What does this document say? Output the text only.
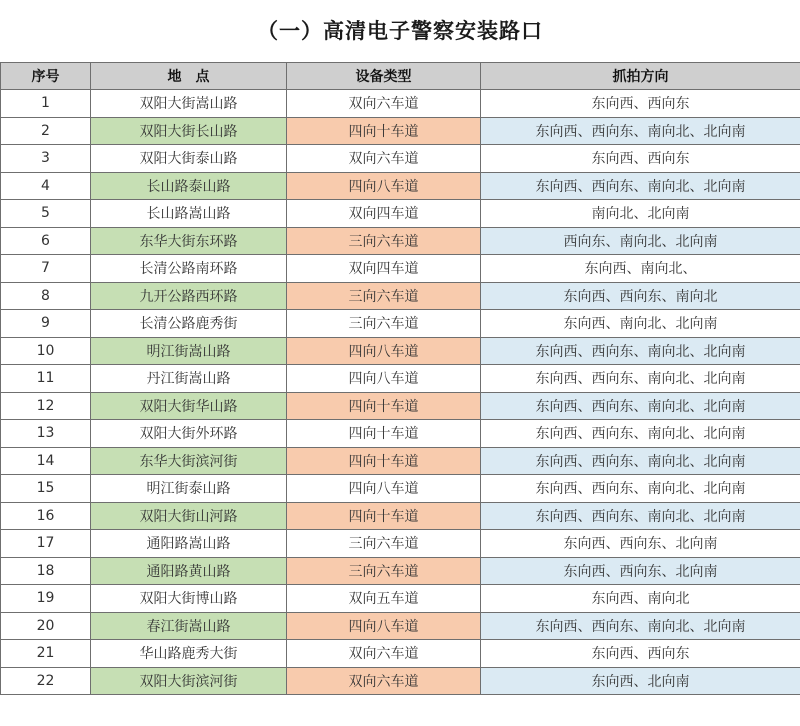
（一）高清电子警察安装路口
序号	地　点	设备类型	抓拍方向
1	双阳大街嵩山路	双向六车道	东向西、西向东
2	双阳大街长山路	四向十车道	东向西、西向东、南向北、北向南
3	双阳大街泰山路	双向六车道	东向西、西向东
4	长山路泰山路	四向八车道	东向西、西向东、南向北、北向南
5	长山路嵩山路	双向四车道	南向北、北向南
6	东华大街东环路	三向六车道	西向东、南向北、北向南
7	长清公路南环路	双向四车道	东向西、南向北、
8	九开公路西环路	三向六车道	东向西、西向东、南向北
9	长清公路鹿秀街	三向六车道	东向西、南向北、北向南
10	明江街嵩山路	四向八车道	东向西、西向东、南向北、北向南
11	丹江街嵩山路	四向八车道	东向西、西向东、南向北、北向南
12	双阳大街华山路	四向十车道	东向西、西向东、南向北、北向南
13	双阳大街外环路	四向十车道	东向西、西向东、南向北、北向南
14	东华大街滨河街	四向十车道	东向西、西向东、南向北、北向南
15	明江街泰山路	四向八车道	东向西、西向东、南向北、北向南
16	双阳大街山河路	四向十车道	东向西、西向东、南向北、北向南
17	通阳路嵩山路	三向六车道	东向西、西向东、北向南
18	通阳路黄山路	三向六车道	东向西、西向东、北向南
19	双阳大街博山路	双向五车道	东向西、南向北
20	春江街嵩山路	四向八车道	东向西、西向东、南向北、北向南
21	华山路鹿秀大街	双向六车道	东向西、西向东
22	双阳大街滨河街	双向六车道	东向西、北向南
